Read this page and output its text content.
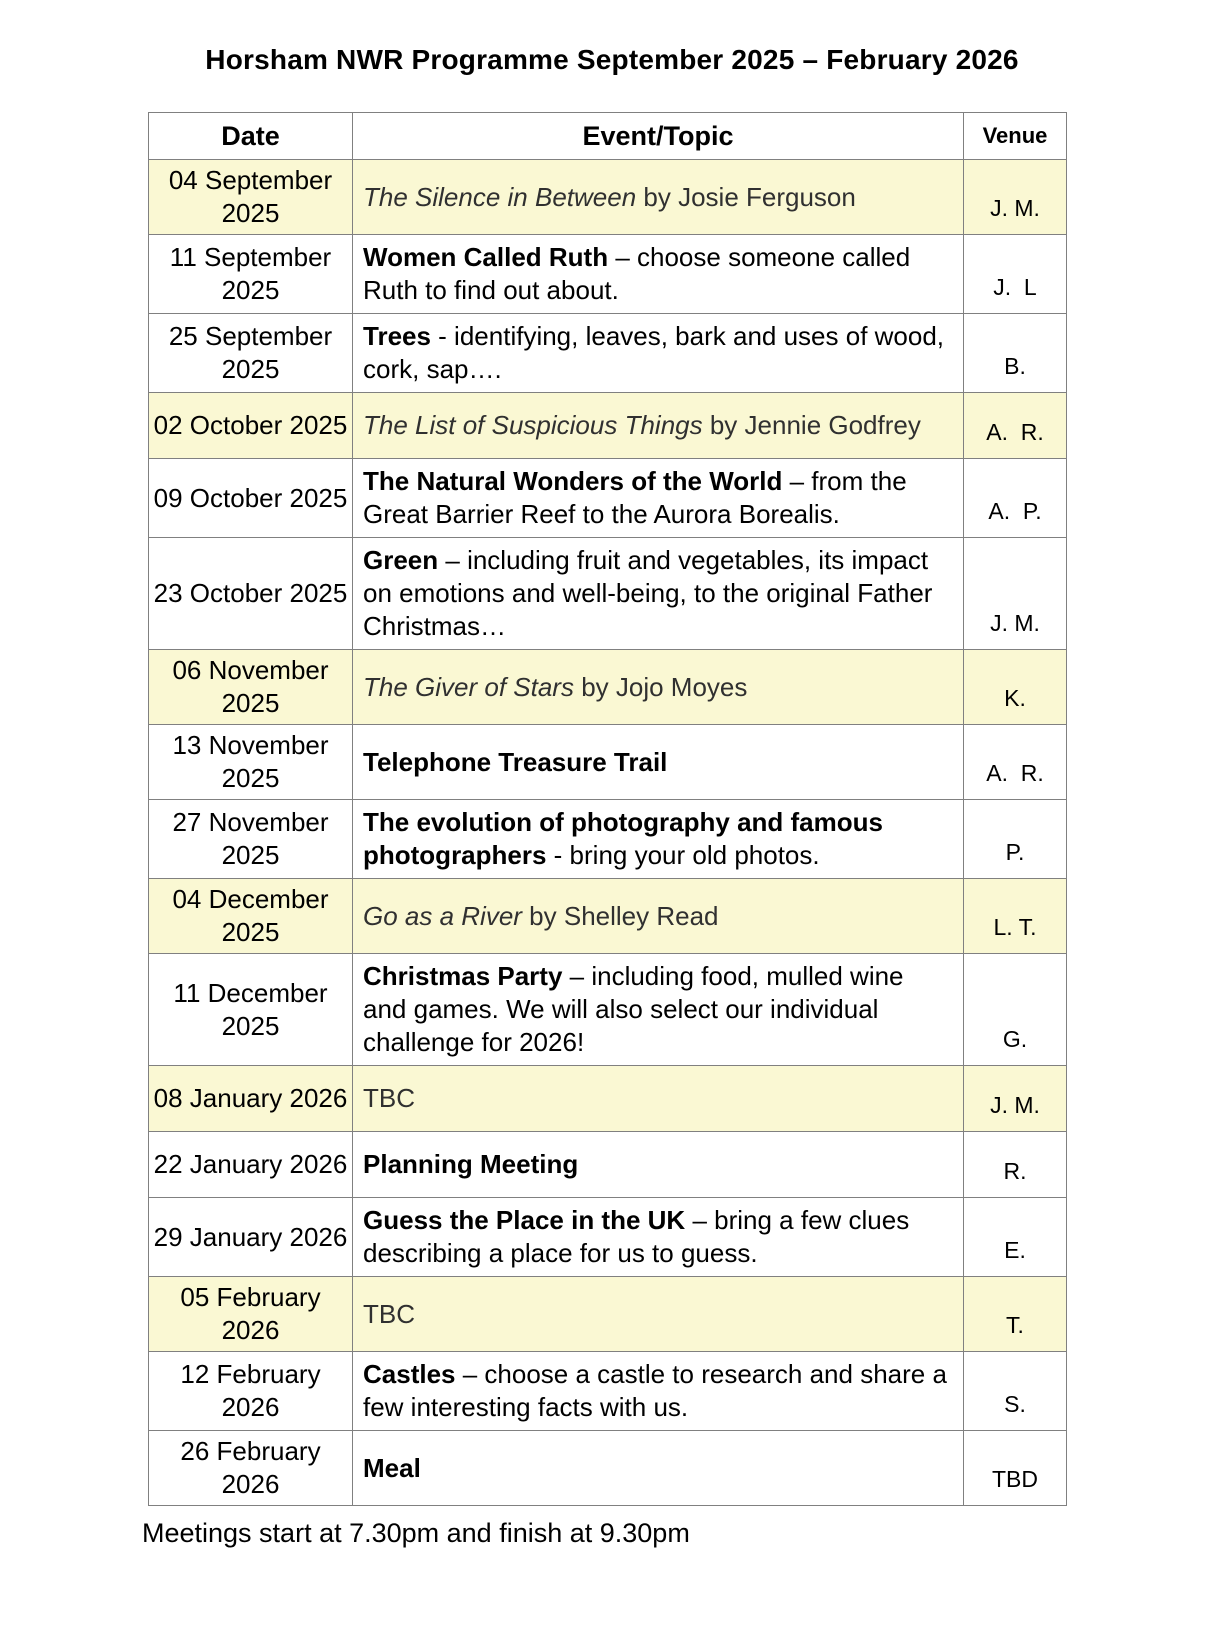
Horsham NWR Programme September 2025 – February 2026
Date	Event/Topic	Venue
04 September 2025	The Silence in Between by Josie Ferguson	J. M.
11 September 2025	Women Called Ruth – choose someone called Ruth to find out about.	J.  L
25 September 2025	Trees - identifying, leaves, bark and uses of wood, cork, sap….	B.
02 October 2025	The List of Suspicious Things by Jennie Godfrey	A.  R.
09 October 2025	The Natural Wonders of the World – from the Great Barrier Reef to the Aurora Borealis.	A.  P.
23 October 2025	Green – including fruit and vegetables, its impact on emotions and well-being, to the original Father Christmas…	J. M.
06 November 2025	The Giver of Stars by Jojo Moyes	K.
13 November 2025	Telephone Treasure Trail	A.  R.
27 November 2025	The evolution of photography and famous photographers - bring your old photos.	P.
04 December 2025	Go as a River by Shelley Read	L. T.
11 December 2025	Christmas Party – including food, mulled wine and games. We will also select our individual challenge for 2026!	G.
08 January 2026	TBC	J. M.
22 January 2026	Planning Meeting	R.
29 January 2026	Guess the Place in the UK – bring a few clues describing a place for us to guess.	E.
05 February 2026	TBC	T.
12 February 2026	Castles – choose a castle to research and share a few interesting facts with us.	S.
26 February 2026	Meal	TBD

Meetings start at 7.30pm and finish at 9.30pm
